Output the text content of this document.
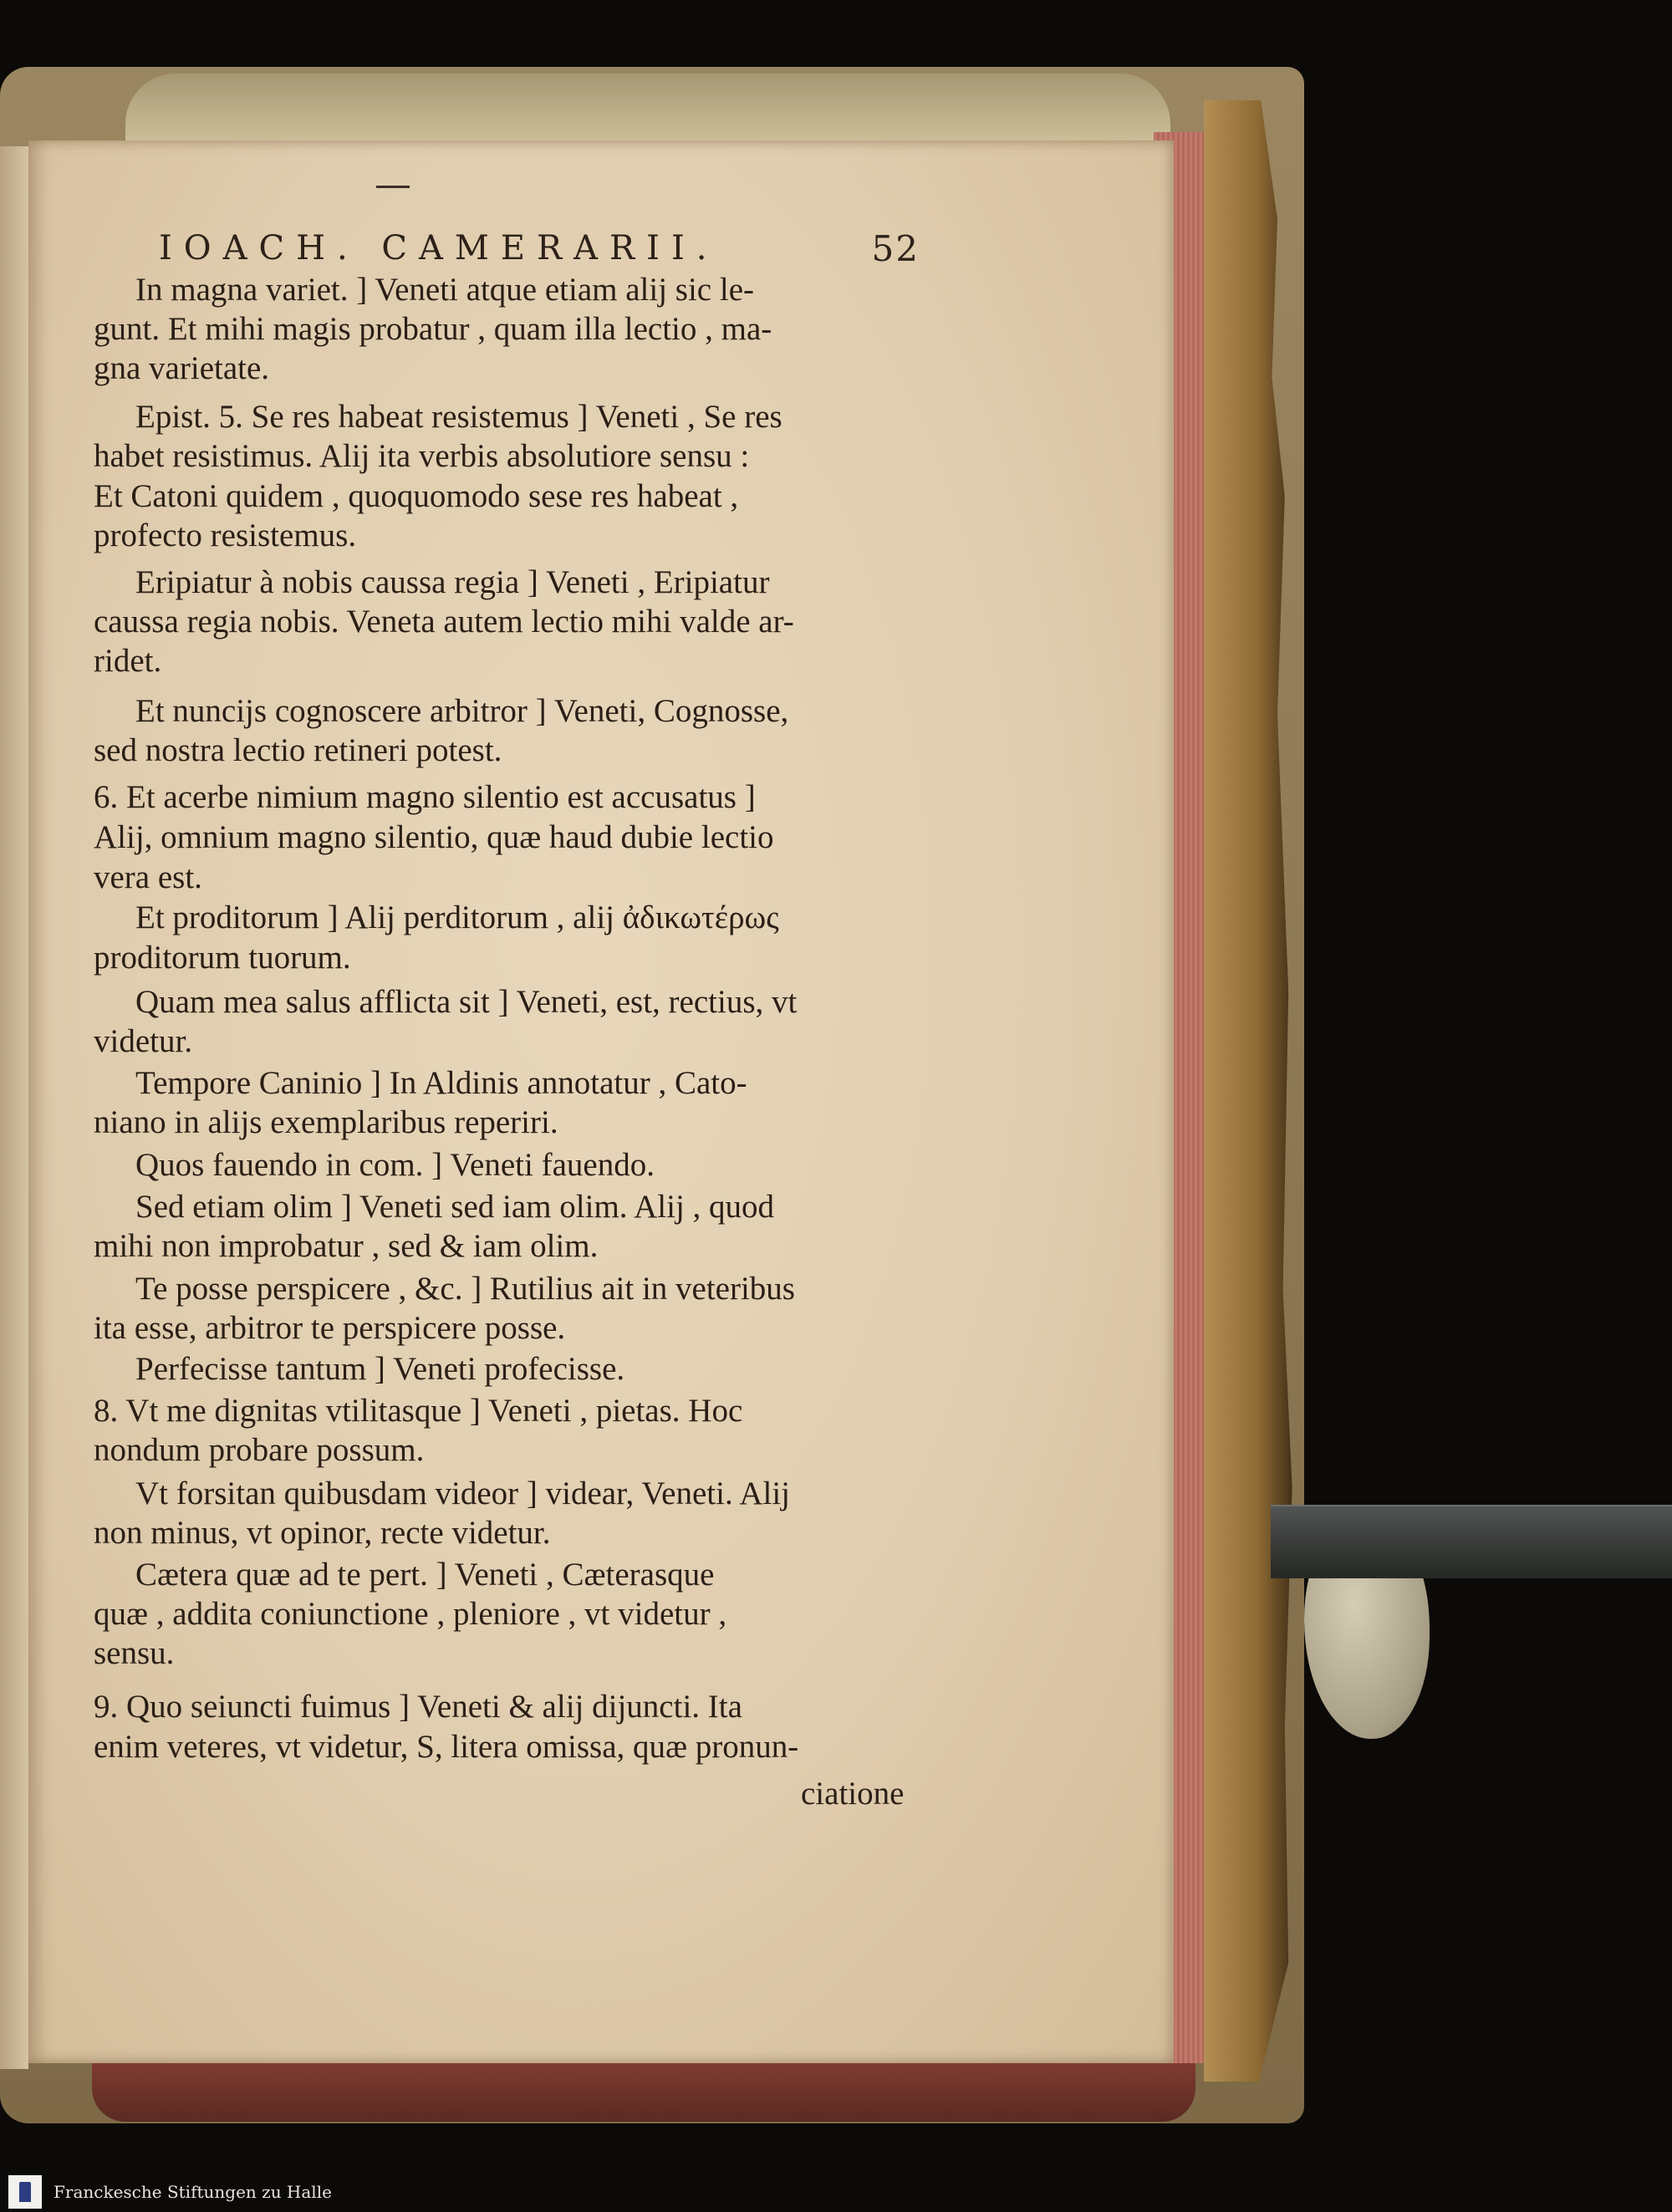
IOACH. CAMERARII.	52
In magna variet. ] Veneti atque etiam alij sic le-
gunt. Et mihi magis probatur , quam illa lectio , ma-
gna varietate.
Epist. 5. Se res habeat resistemus ] Veneti , Se res
habet resistimus. Alij ita verbis absolutiore sensu :
Et Catoni quidem , quoquomodo sese res habeat ,
profecto resistemus.
Eripiatur à nobis caussa regia ] Veneti , Eripiatur
caussa regia nobis. Veneta autem lectio mihi valde ar-
ridet.
Et nuncijs cognoscere arbitror ] Veneti, Cognosse,
sed nostra lectio retineri potest.
6. Et acerbe nimium magno silentio est accusatus ]
Alij, omnium magno silentio, quæ haud dubie lectio
vera est.
Et proditorum ] Alij perditorum , alij ἀδικωτέρως
proditorum tuorum.
Quam mea salus afflicta sit ] Veneti, est, rectius, vt
videtur.
Tempore Caninio ] In Aldinis annotatur , Cato-
niano in alijs exemplaribus reperiri.
Quos fauendo in com. ] Veneti fauendo.
Sed etiam olim ] Veneti sed iam olim. Alij , quod
mihi non improbatur , sed & iam olim.
Te posse perspicere , &c. ] Rutilius ait in veteribus
ita esse, arbitror te perspicere posse.
Perfecisse tantum ] Veneti profecisse.
8. Vt me dignitas vtilitasque ] Veneti , pietas. Hoc
nondum probare possum.
Vt forsitan quibusdam videor ] videar, Veneti. Alij
non minus, vt opinor, recte videtur.
Cætera quæ ad te pert. ] Veneti , Cæterasque
quæ , addita coniunctione , pleniore , vt videtur ,
sensu.
9. Quo seiuncti fuimus ] Veneti & alij dijuncti. Ita
enim veteres, vt videtur, S, litera omissa, quæ pronun-
ciatione
Franckesche Stiftungen zu Halle
